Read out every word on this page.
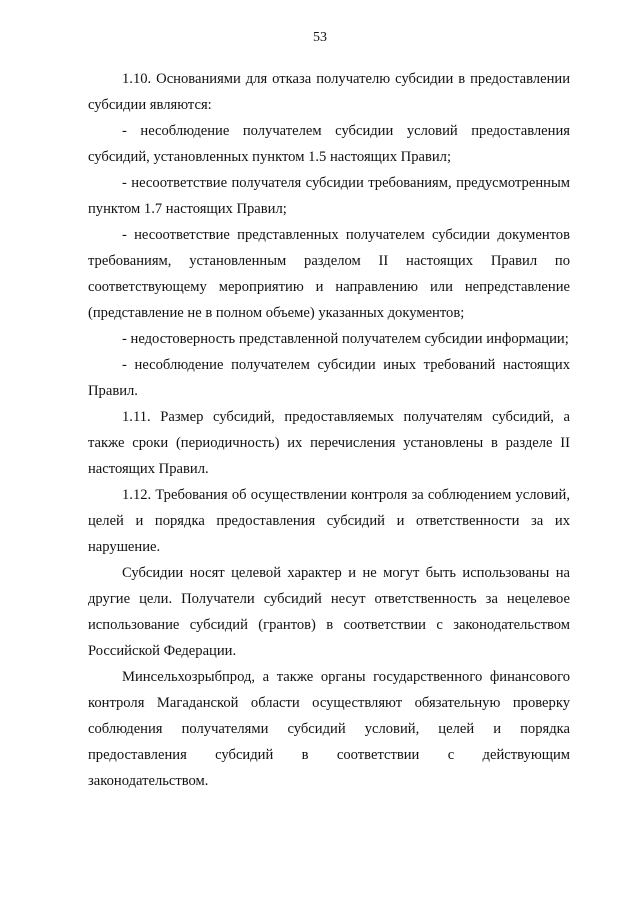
53

1.10. Основаниями для отказа получателю субсидии в предоставлении субсидии являются:

- несоблюдение получателем субсидии условий предоставления субсидий, установленных пунктом 1.5 настоящих Правил;

- несоответствие получателя субсидии требованиям, предусмотренным пунктом 1.7 настоящих Правил;

- несоответствие представленных получателем субсидии документов требованиям, установленным разделом II настоящих Правил по соответствующему мероприятию и направлению или непредставление (представление не в полном объеме) указанных документов;

- недостоверность представленной получателем субсидии информации;

- несоблюдение получателем субсидии иных требований настоящих Правил.

1.11. Размер субсидий, предоставляемых получателям субсидий, а также сроки (периодичность) их перечисления установлены в разделе II настоящих Правил.

1.12. Требования об осуществлении контроля за соблюдением условий, целей и порядка предоставления субсидий и ответственности за их нарушение.

Субсидии носят целевой характер и не могут быть использованы на другие цели. Получатели субсидий несут ответственность за нецелевое использование субсидий (грантов) в соответствии с законодательством Российской Федерации.

Минсельхозрыбпрод, а также органы государственного финансового контроля Магаданской области осуществляют обязательную проверку соблюдения получателями субсидий условий, целей и порядка предоставления субсидий в соответствии с действующим законодательством.
